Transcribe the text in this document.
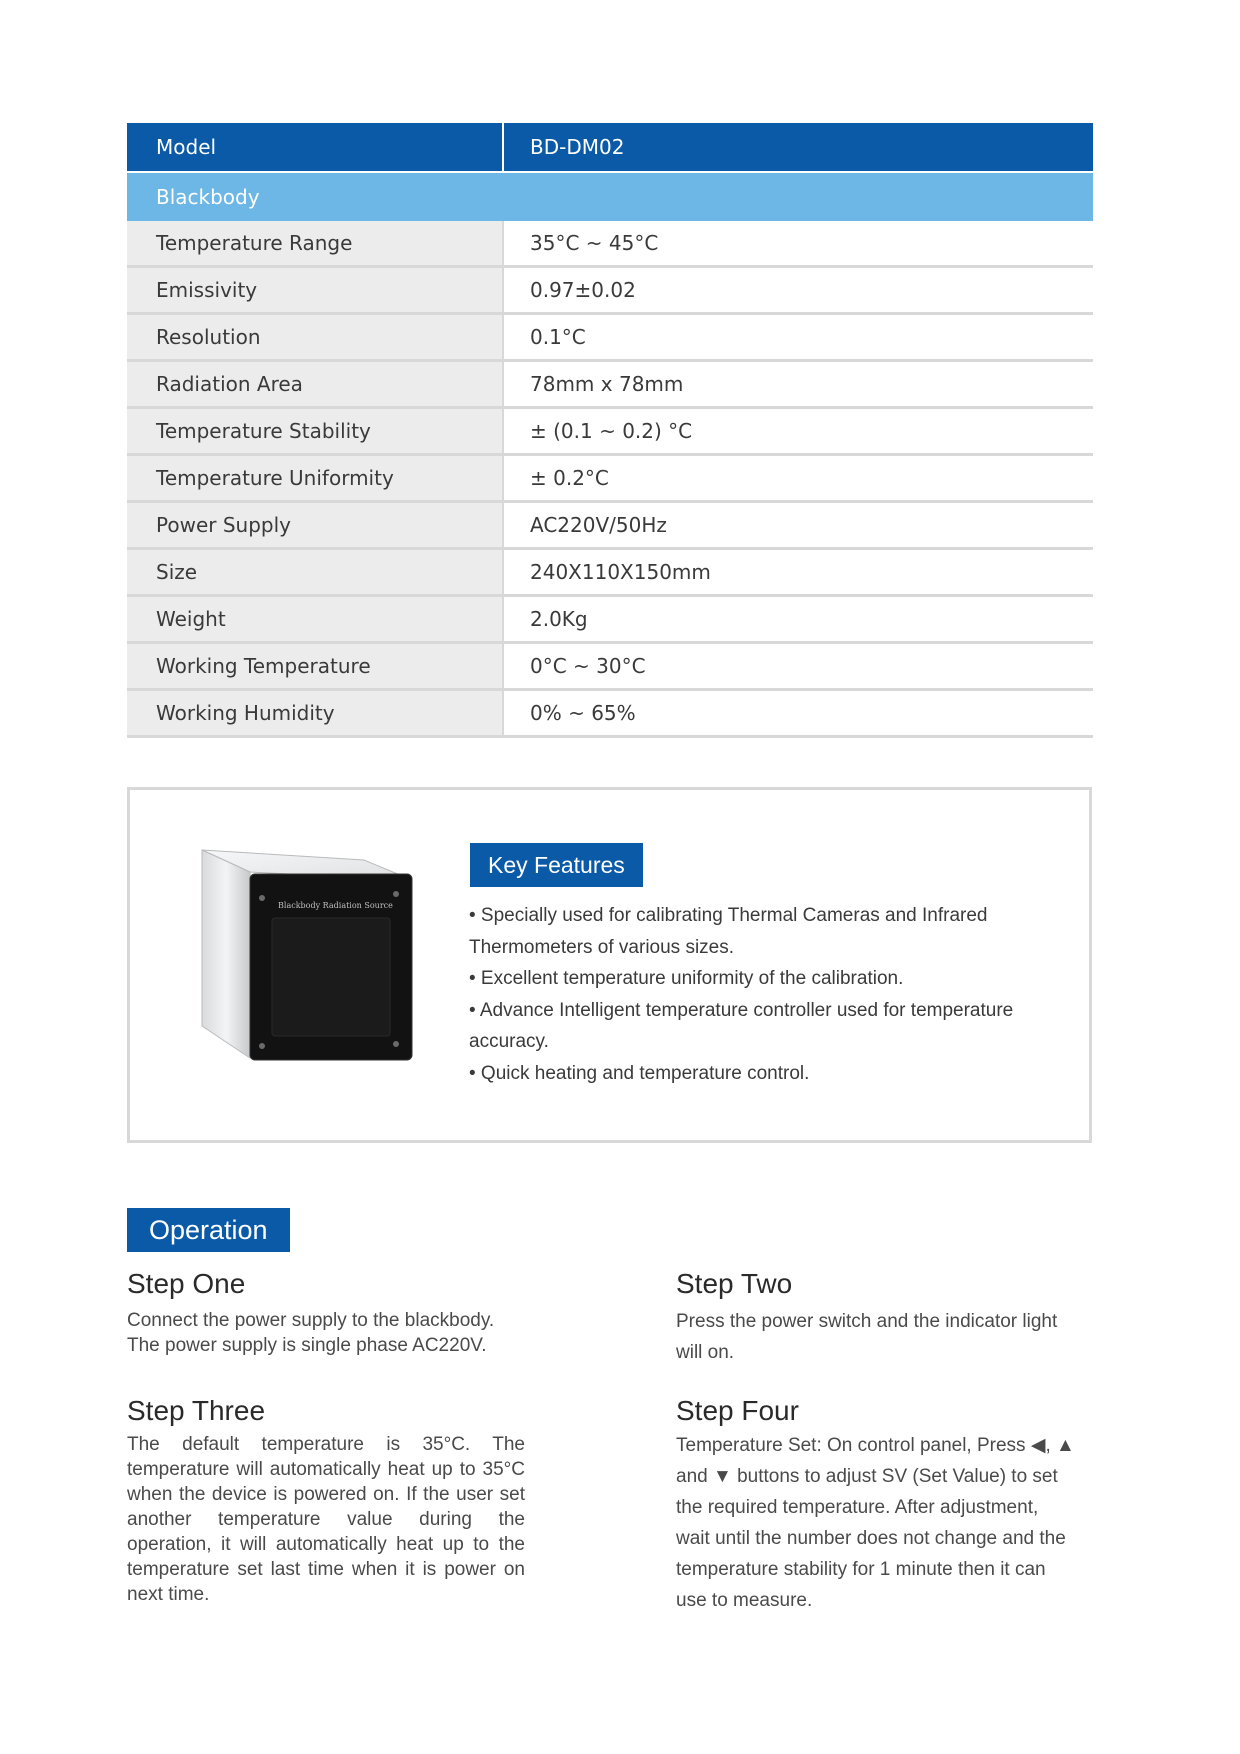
Model	BD-DM02
Blackbody
Temperature Range	35°C ~ 45°C
Emissivity	0.97±0.02
Resolution	0.1°C
Radiation Area	78mm x 78mm
Temperature Stability	± (0.1 ~ 0.2) °C
Temperature Uniformity	± 0.2°C
Power Supply	AC220V/50Hz
Size	240X110X150mm
Weight	2.0Kg
Working Temperature	0°C ~ 30°C
Working Humidity	0% ~ 65%
Blackbody Radiation Source
Key Features

• Specially used for calibrating Thermal Cameras and Infrared Thermometers of various sizes.

• Excellent temperature uniformity of the calibration.

• Advance Intelligent temperature controller used for temperature accuracy.

• Quick heating and temperature control.

Operation
Step One

Connect the power supply to the blackbody. The power supply is single phase AC220V.

Step Two

Press the power switch and the indicator light will on.

Step Three

The default temperature is 35°C. The temperature will automatically heat up to 35°C when the device is powered on. If the user set another temperature value during the operation, it will automatically heat up to the temperature set last time when it is power on next time.

Step Four

Temperature Set: On control panel, Press ◀, ▲ and ▼ buttons to adjust SV (Set Value) to set the required temperature. After adjustment, wait until the number does not change and the temperature stability for 1 minute then it can use to measure.
